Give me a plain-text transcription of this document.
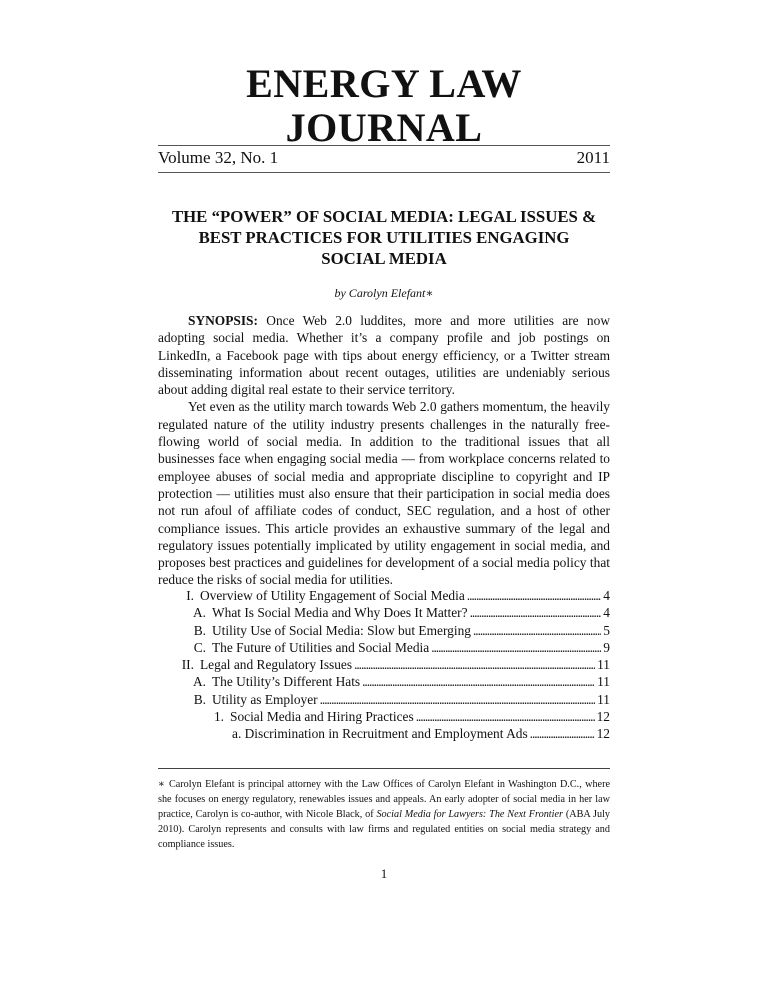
ENERGY LAW
JOURNAL
Volume 32, No. 1	2011
THE “POWER” OF SOCIAL MEDIA: LEGAL ISSUES &
BEST PRACTICES FOR UTILITIES ENGAGING
SOCIAL MEDIA
by Carolyn Elefant∗

SYNOPSIS: Once Web 2.0 luddites, more and more utilities are now adopting social media. Whether it’s a company profile and job postings on LinkedIn, a Facebook page with tips about energy efficiency, or a Twitter stream disseminating information about recent outages, utilities are undeniably serious about adding digital real estate to their service territory.

Yet even as the utility march towards Web 2.0 gathers momentum, the heavily regulated nature of the utility industry presents challenges in the naturally free-flowing world of social media. In addition to the traditional issues that all businesses face when engaging social media — from workplace concerns related to employee abuses of social media and appropriate discipline to copyright and IP protection — utilities must also ensure that their participation in social media does not run afoul of affiliate codes of conduct, SEC regulation, and a host of other compliance issues. This article provides an exhaustive summary of the legal and regulatory issues potentially implicated by utility engagement in social media, and proposes best practices and guidelines for development of a social media policy that reduce the risks of social media for utilities.

I. Overview of Utility Engagement of Social Media . . .	4
A. What Is Social Media and Why Does It Matter? . . .	4
B. Utility Use of Social Media: Slow but Emerging . . .	5
C. The Future of Utilities and Social Media . . .	9
II. Legal and Regulatory Issues . . .	11
A. The Utility’s Different Hats . . .	11
B. Utility as Employer . . .	11
1. Social Media and Hiring Practices . . .	12
a. Discrimination in Recruitment and Employment Ads . . .	12
∗ Carolyn Elefant is principal attorney with the Law Offices of Carolyn Elefant in Washington D.C., where she focuses on energy regulatory, renewables issues and appeals. An early adopter of social media in her law practice, Carolyn is co-author, with Nicole Black, of Social Media for Lawyers: The Next Frontier (ABA July 2010). Carolyn represents and consults with law firms and regulated entities on social media strategy and compliance issues.
1
